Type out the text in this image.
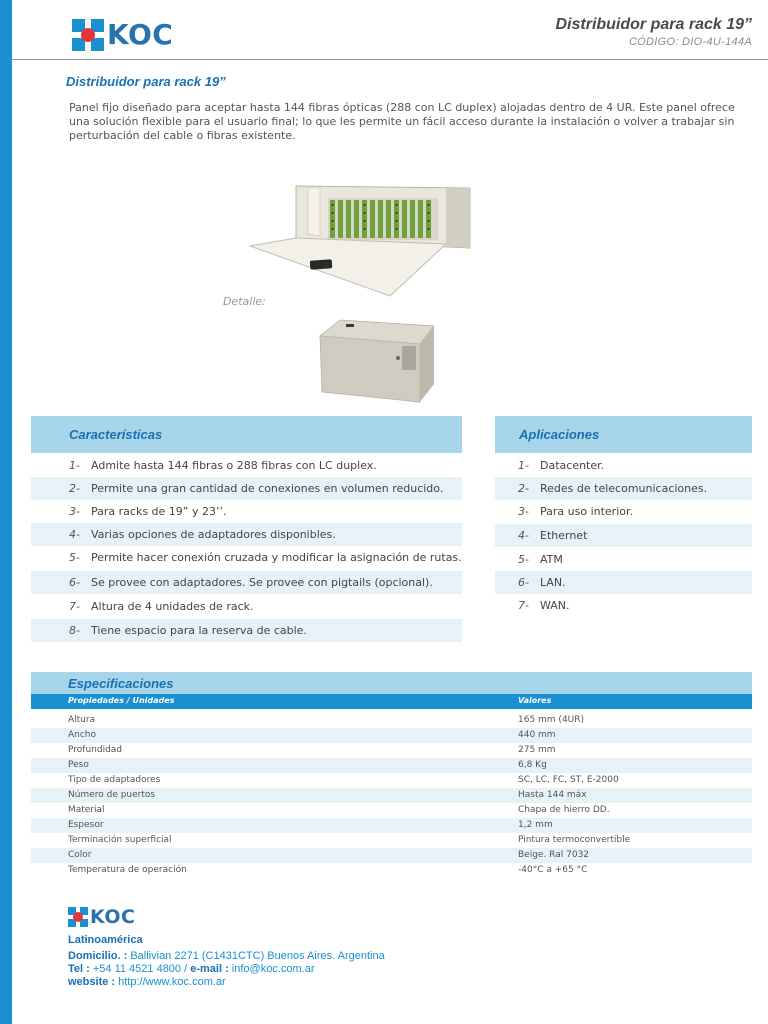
KOC	Distribuidor para rack 19”
CÓDIGO: DIO-4U-144A
Distribuidor para rack 19”
Panel fijo diseñado para aceptar hasta 144 fibras ópticas (288 con LC duplex) alojadas dentro de 4 UR. Este panel ofrece una solución flexible para el usuario final; lo que les permite un fácil acceso durante la instalación o volver a trabajar sin perturbación del cable o fibras existente.
Detalle:
Características
1-	Admite hasta 144 fibras o 288 fibras con LC duplex.
2-	Permite una gran cantidad de conexiones en volumen reducido.
3-	Para racks de 19” y 23’’.
4-	Varias opciones de adaptadores disponibles.
5-	Permite hacer conexión cruzada y modificar la asignación de rutas.
6-	Se provee con adaptadores. Se provee con pigtails (opcional).
7-	Altura de 4 unidades de rack.
8-	Tiene espacio para la reserva de cable.
Aplicaciones
1-	Datacenter.
2-	Redes de telecomunicaciones.
3-	Para uso interior.
4-	Ethernet
5-	ATM
6-	LAN.
7-	WAN.
Especificaciones
Propiedades / Unidades	Valores
Altura	165 mm (4UR)
Ancho	440 mm
Profundidad	275 mm
Peso	6,8 Kg
Tipo de adaptadores	SC, LC, FC, ST, E-2000
Número de puertos	Hasta 144 máx
Material	Chapa de hierro DD.
Espesor	1,2 mm
Terminación superficial	Pintura termoconvertible
Color	Beige. Ral 7032
Temperatura de operación	-40°C a +65 °C
KOC
Latinoamérica
Domicilio. : Ballivian 2271 (C1431CTC) Buenos Aires. Argentina
Tel : +54 11 4521 4800 / e-mail : info@koc.com.ar
website : http://www.koc.com.ar
